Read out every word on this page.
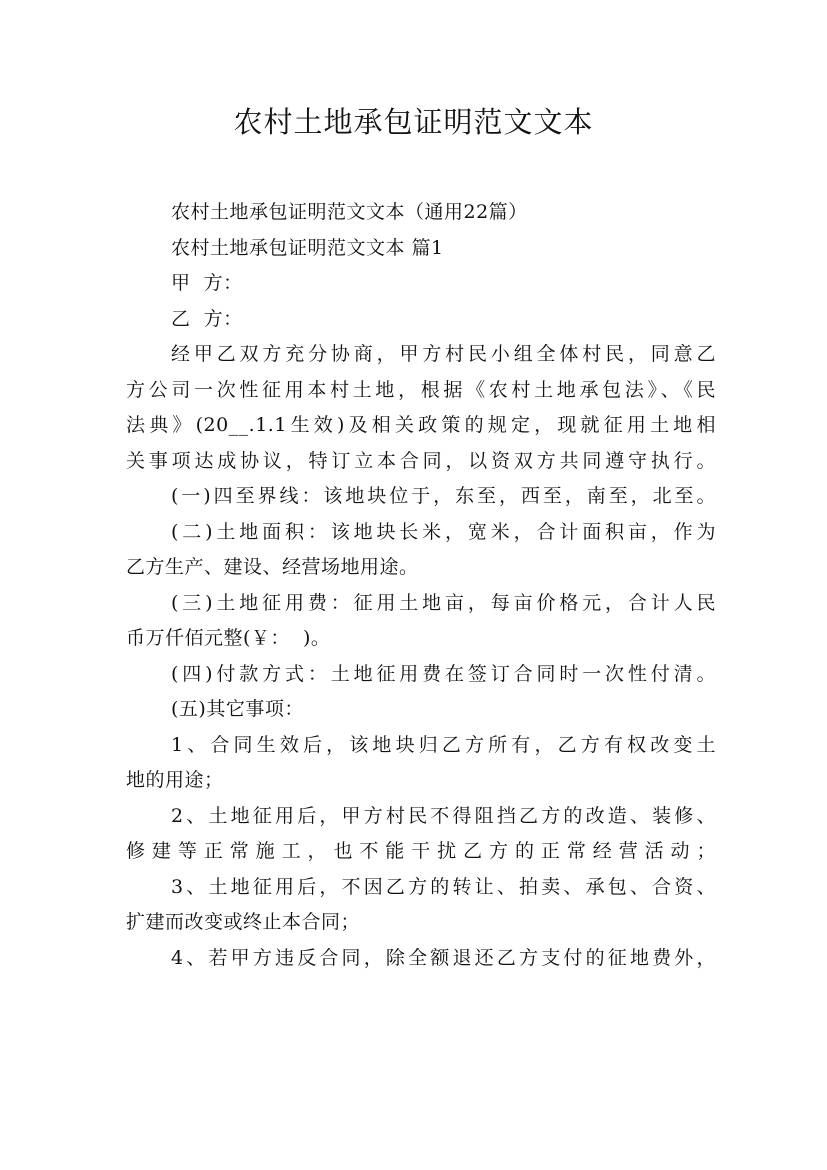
农村土地承包证明范文文本

农村土地承包证明范文文本（通用22篇）

农村土地承包证明范文文本 篇1

甲  方：

乙  方：

经甲乙双方充分协商，甲方村民小组全体村民，同意乙

方公司一次性征用本村土地，根据《农村土地承包法》、《民

法典》(20__.1.1生效)及相关政策的规定，现就征用土地相

关事项达成协议，特订立本合同，以资双方共同遵守执行。

(一)四至界线：该地块位于，东至，西至，南至，北至。

(二)土地面积：该地块长米，宽米，合计面积亩，作为

乙方生产、建设、经营场地用途。

(三)土地征用费：征用土地亩，每亩价格元，合计人民

币万仟佰元整(￥：  )。

(四)付款方式：土地征用费在签订合同时一次性付清。

(五)其它事项：

1、合同生效后，该地块归乙方所有，乙方有权改变土

地的用途；

2、土地征用后，甲方村民不得阻挡乙方的改造、装修、

修建等正常施工，也不能干扰乙方的正常经营活动；

3、土地征用后，不因乙方的转让、拍卖、承包、合资、

扩建而改变或终止本合同；

4、若甲方违反合同，除全额退还乙方支付的征地费外，
